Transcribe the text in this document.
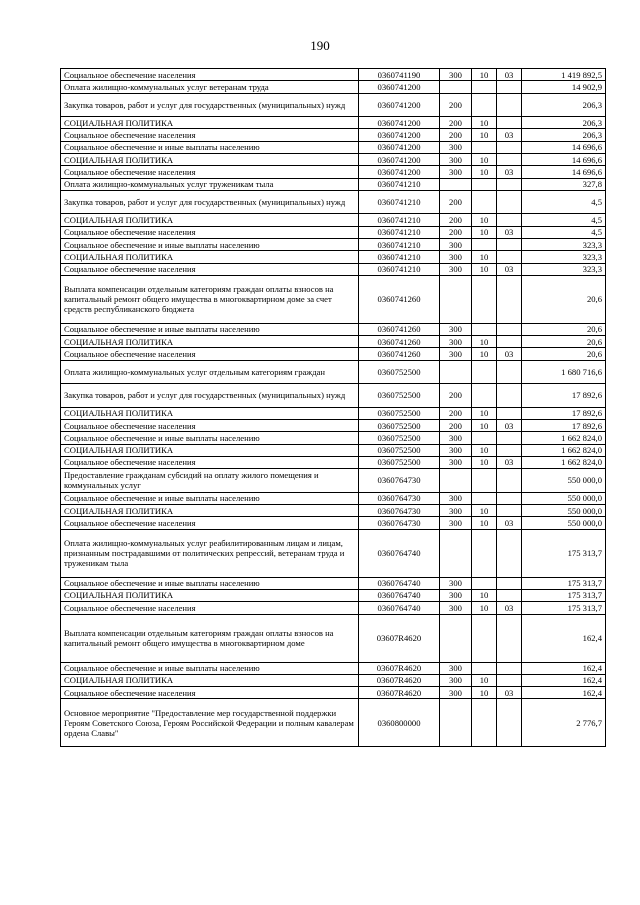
190
Социальное обеспечение населения	0360741190	300	10	03	1 419 892,5
Оплата жилищно-коммунальных услуг ветеранам труда	0360741200				14 902,9
Закупка товаров, работ и услуг для государственных (муниципальных) нужд	0360741200	200			206,3
СОЦИАЛЬНАЯ ПОЛИТИКА	0360741200	200	10		206,3
Социальное обеспечение населения	0360741200	200	10	03	206,3
Социальное обеспечение и иные выплаты населению	0360741200	300			14 696,6
СОЦИАЛЬНАЯ ПОЛИТИКА	0360741200	300	10		14 696,6
Социальное обеспечение населения	0360741200	300	10	03	14 696,6
Оплата жилищно-коммунальных услуг труженикам тыла	0360741210				327,8
Закупка товаров, работ и услуг для государственных (муниципальных) нужд	0360741210	200			4,5
СОЦИАЛЬНАЯ ПОЛИТИКА	0360741210	200	10		4,5
Социальное обеспечение населения	0360741210	200	10	03	4,5
Социальное обеспечение и иные выплаты населению	0360741210	300			323,3
СОЦИАЛЬНАЯ ПОЛИТИКА	0360741210	300	10		323,3
Социальное обеспечение населения	0360741210	300	10	03	323,3
Выплата компенсации отдельным категориям граждан оплаты взносов на капитальный ремонт общего имущества в многоквартирном доме за счет средств республиканского бюджета	0360741260				20,6
Социальное обеспечение и иные выплаты населению	0360741260	300			20,6
СОЦИАЛЬНАЯ ПОЛИТИКА	0360741260	300	10		20,6
Социальное обеспечение населения	0360741260	300	10	03	20,6
Оплата жилищно-коммунальных услуг отдельным категориям граждан	0360752500				1 680 716,6
Закупка товаров, работ и услуг для государственных (муниципальных) нужд	0360752500	200			17 892,6
СОЦИАЛЬНАЯ ПОЛИТИКА	0360752500	200	10		17 892,6
Социальное обеспечение населения	0360752500	200	10	03	17 892,6
Социальное обеспечение и иные выплаты населению	0360752500	300			1 662 824,0
СОЦИАЛЬНАЯ ПОЛИТИКА	0360752500	300	10		1 662 824,0
Социальное обеспечение населения	0360752500	300	10	03	1 662 824,0
Предоставление гражданам субсидий на оплату жилого помещения и коммунальных услуг	0360764730				550 000,0
Социальное обеспечение и иные выплаты населению	0360764730	300			550 000,0
СОЦИАЛЬНАЯ ПОЛИТИКА	0360764730	300	10		550 000,0
Социальное обеспечение населения	0360764730	300	10	03	550 000,0
Оплата жилищно-коммунальных услуг реабилитированным лицам и лицам, признанным пострадавшими от политических репрессий, ветеранам труда и труженикам тыла	0360764740				175 313,7
Социальное обеспечение и иные выплаты населению	0360764740	300			175 313,7
СОЦИАЛЬНАЯ ПОЛИТИКА	0360764740	300	10		175 313,7
Социальное обеспечение населения	0360764740	300	10	03	175 313,7
Выплата компенсации отдельным категориям граждан оплаты взносов на капитальный ремонт общего имущества в многоквартирном доме	03607R4620				162,4
Социальное обеспечение и иные выплаты населению	03607R4620	300			162,4
СОЦИАЛЬНАЯ ПОЛИТИКА	03607R4620	300	10		162,4
Социальное обеспечение населения	03607R4620	300	10	03	162,4
Основное мероприятие "Предоставление мер государственной поддержки Героям Советского Союза, Героям Российской Федерации и полным кавалерам ордена Славы"	0360800000				2 776,7
